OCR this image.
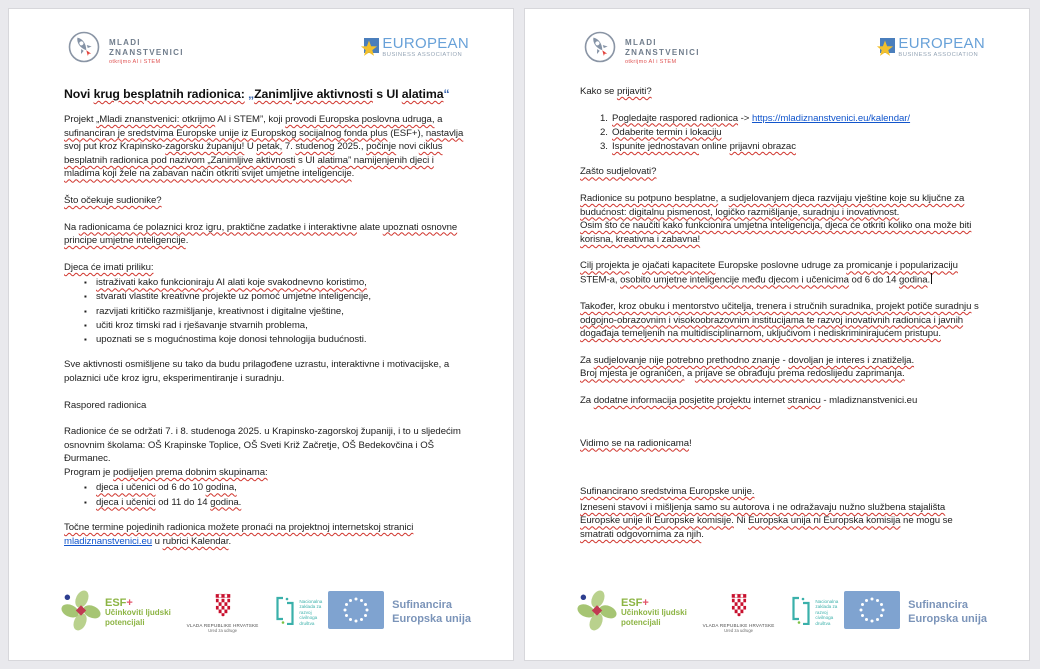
MLADI
ZNANSTVENICI
otkrijmo AI i STEM
EUROPEAN
BUSINESS ASSOCIATION
Novi krug besplatnih radionica: „Zanimljive aktivnosti s UI alatima“
Projekt „Mladi znanstvenici: otkrijmo AI i STEM”, koji provodi Europska poslovna udruga, a sufinanciran je sredstvima Europske unije iz Europskog socijalnog fonda plus (ESF+), nastavlja svoj put kroz Krapinsko-zagorsku županiju! U petak, 7. studenog 2025., počinje novi ciklus besplatnih radionica pod nazivom „Zanimljive aktivnosti s UI alatima” namijenjenih djeci i mladima koji žele na zabavan način otkriti svijet umjetne inteligencije.
Što očekuje sudionike?
Na radionicama će polaznici kroz igru, praktične zadatke i interaktivne alate upoznati osnovne principe umjetne inteligencije.
Djeca će imati priliku:
▪ istraživati kako funkcioniraju AI alati koje svakodnevno koristimo,
▪ stvarati vlastite kreativne projekte uz pomoć umjetne inteligencije,
▪ razvijati kritičko razmišljanje, kreativnost i digitalne vještine,
▪ učiti kroz timski rad i rješavanje stvarnih problema,
▪ upoznati se s mogućnostima koje donosi tehnologija budućnosti.
Sve aktivnosti osmišljene su tako da budu prilagođene uzrastu, interaktivne i motivacijske, a polaznici uče kroz igru, eksperimentiranje i suradnju.
Raspored radionica
Radionice će se održati 7. i 8. studenoga 2025. u Krapinsko-zagorskoj županiji, i to u sljedećim osnovnim školama: OŠ Krapinske Toplice, OŠ Sveti Križ Začretje, OŠ Bedekovčina i OŠ Đurmanec.
Program je podijeljen prema dobnim skupinama:
▪ djeca i učenici od 6 do 10 godina,
▪ djeca i učenici od 11 do 14 godina.
Točne termine pojedinih radionica možete pronaći na projektnoj internetskoj stranici mladiznanstvenici.eu u rubrici Kalendar.
ESF+
Učinkoviti ljudski
potencijali	VLADA REPUBLIKE HRVATSKE
Ured za udruge
Nacionalna
zaklada za
razvoj
civilnoga
društva
Sufinancira
Europska unija
MLADI
ZNANSTVENICI
otkrijmo AI i STEM
EUROPEAN
BUSINESS ASSOCIATION
Kako se prijaviti?
1. Pogledajte raspored radionica -> https://mladiznanstvenici.eu/kalendar/
2. Odaberite termin i lokaciju
3. Ispunite jednostavan online prijavni obrazac
Zašto sudjelovati?
Radionice su potpuno besplatne, a sudjelovanjem djeca razvijaju vještine koje su ključne za budućnost: digitalnu pismenost, logičko razmišljanje, suradnju i inovativnost.
Osim što će naučiti kako funkcionira umjetna inteligencija, djeca će otkriti koliko ona može biti korisna, kreativna i zabavna!
Cilj projekta je ojačati kapacitete Europske poslovne udruge za promicanje i popularizaciju STEM-a, osobito umjetne inteligencije među djecom i učenicima od 6 do 14 godina.
Također, kroz obuku i mentorstvo učitelja, trenera i stručnih suradnika, projekt potiče suradnju s odgojno-obrazovnim i visokoobrazovnim institucijama te razvoj inovativnih radionica i javnih događaja temeljenih na multidisciplinarnom, uključivom i nediskriminirajućem pristupu.
Za sudjelovanje nije potrebno prethodno znanje - dovoljan je interes i znatiželja.
Broj mjesta je ograničen, a prijave se obrađuju prema redoslijedu zaprimanja.
Za dodatne informacija posjetite projektu internet stranicu - mladiznanstvenici.eu
Vidimo se na radionicama!
Sufinancirano sredstvima Europske unije.
Izneseni stavovi i mišljenja samo su autorova i ne odražavaju nužno službena stajališta Europske unije ili Europske komisije. Ni Europska unija ni Europska komisija ne mogu se smatrati odgovornima za njih.
ESF+
Učinkoviti ljudski
potencijali	VLADA REPUBLIKE HRVATSKE
Ured za udruge
Nacionalna
zaklada za
razvoj
civilnoga
društva
Sufinancira
Europska unija
